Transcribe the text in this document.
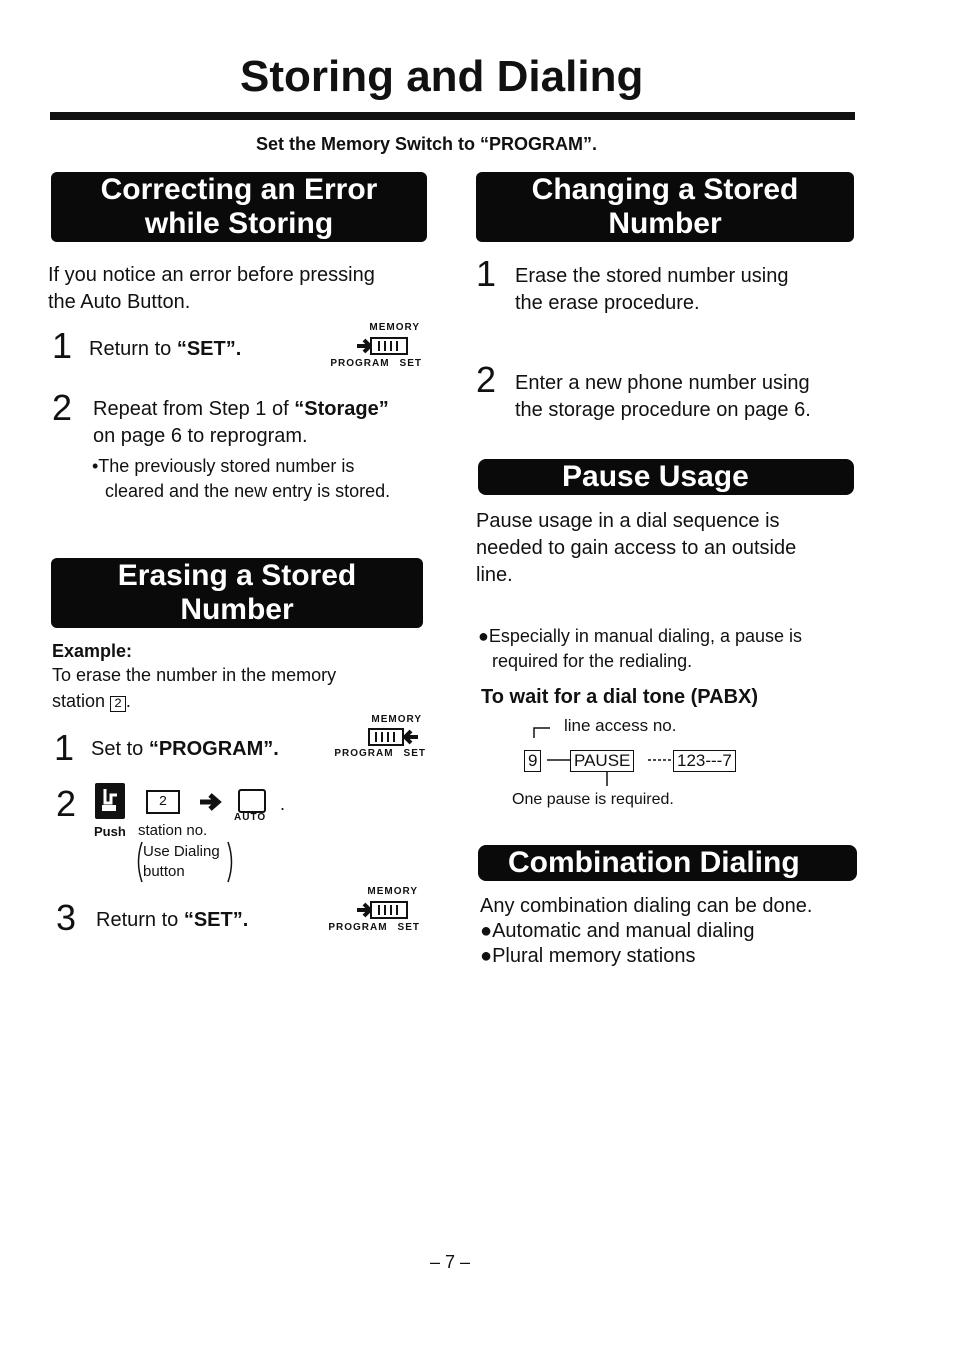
Storing and Dialing
Set the Memory Switch to “PROGRAM”.
Correcting an Error
while Storing
If you notice an error before pressing
the Auto Button.
1 Return to “SET”.
MEMORY
PROGRAM SET
2 Repeat from Step 1 of “Storage”
on page 6 to reprogram.
•The previously stored number is
cleared and the new entry is stored.
Erasing a Stored
Number
Example:
To erase the number in the memory
station 2 .
1 Set to “PROGRAM”.
MEMORY
PROGRAM SET
2
Push
2
station no.
AUTO
.
Use Dialing
button
3 Return to “SET”.
MEMORY
PROGRAM SET
Changing a Stored
Number
1 Erase the stored number using
the erase procedure.
2 Enter a new phone number using
the storage procedure on page 6.
Pause Usage
Pause usage in a dial sequence is
needed to gain access to an outside
line.
●Especially in manual dialing, a pause is
required for the redialing.
To wait for a dial tone (PABX)
line access no.
9 PAUSE	123---7
One pause is required.
Combination Dialing
Any combination dialing can be done.
●Automatic and manual dialing
●Plural memory stations
– 7 –
